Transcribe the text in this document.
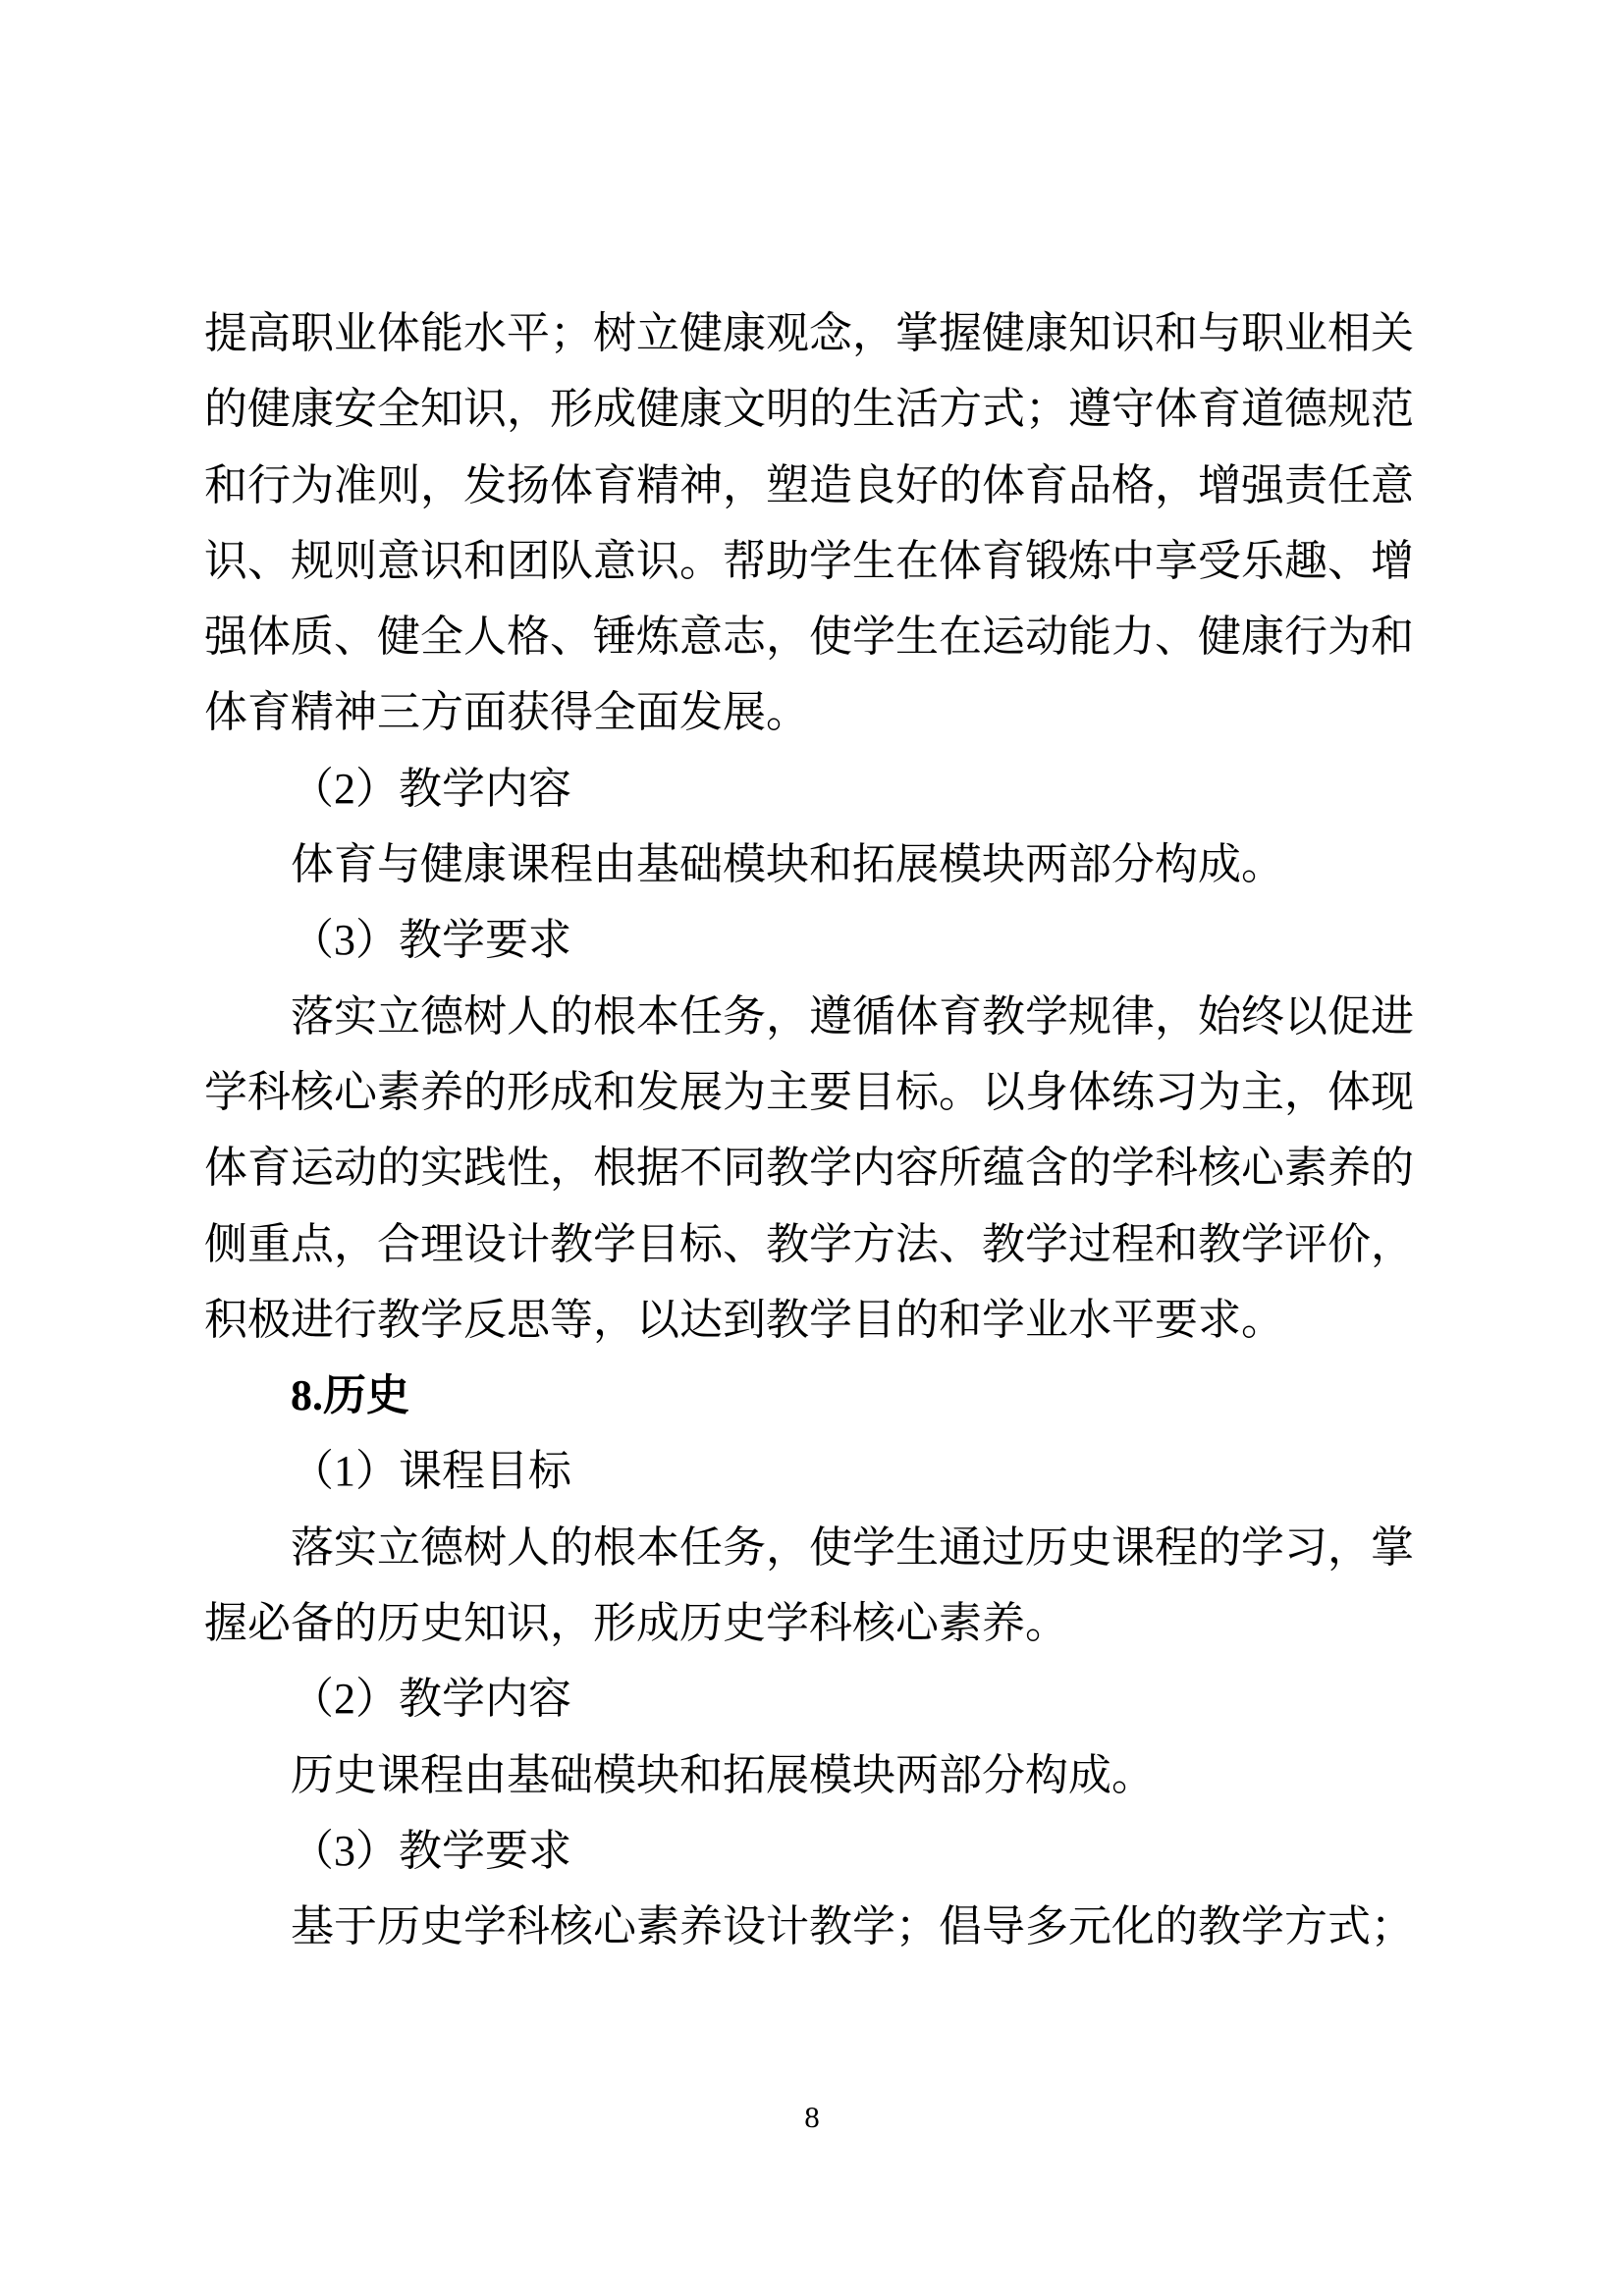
提 高 职 业 体 能 水 平 ； 树 立 健 康 观 念 ， 掌 握 健 康 知 识 和 与 职 业 相 关
的 健 康 安 全 知 识 ， 形 成 健 康 文 明 的 生 活 方 式 ； 遵 守 体 育 道 德 规 范
和 行 为 准 则 ， 发 扬 体 育 精 神 ， 塑 造 良 好 的 体 育 品 格 ， 增 强 责 任 意
识 、 规 则 意 识 和 团 队 意 识 。 帮 助 学 生 在 体 育 锻 炼 中 享 受 乐 趣 、 增
强 体 质 、 健 全 人 格 、 锤 炼 意 志 ， 使 学 生 在 运 动 能 力 、 健 康 行 为 和
体育精神三方面获得全面发展。
（2）教学内容
体育与健康课程由基础模块和拓展模块两部分构成。
（3）教学要求
落 实 立 德 树 人 的 根 本 任 务 ， 遵 循 体 育 教 学 规 律 ， 始 终 以 促 进
学 科 核 心 素 养 的 形 成 和 发 展 为 主 要 目 标 。 以 身 体 练 习 为 主 ， 体 现
体 育 运 动 的 实 践 性 ， 根 据 不 同 教 学 内 容 所 蕴 含 的 学 科 核 心 素 养 的
侧 重 点 ， 合 理 设 计 教 学 目 标 、 教 学 方 法 、 教 学 过 程 和 教 学 评 价 ，
积极进行教学反思等，以达到教学目的和学业水平要求。
8.历史
（1）课程目标
落 实 立 德 树 人 的 根 本 任 务 ， 使 学 生 通 过 历 史 课 程 的 学 习 ， 掌
握必备的历史知识，形成历史学科核心素养。
（2）教学内容
历史课程由基础模块和拓展模块两部分构成。
（3）教学要求
基 于 历 史 学 科 核 心 素 养 设 计 教 学 ； 倡 导 多 元 化 的 教 学 方 式 ；
8
